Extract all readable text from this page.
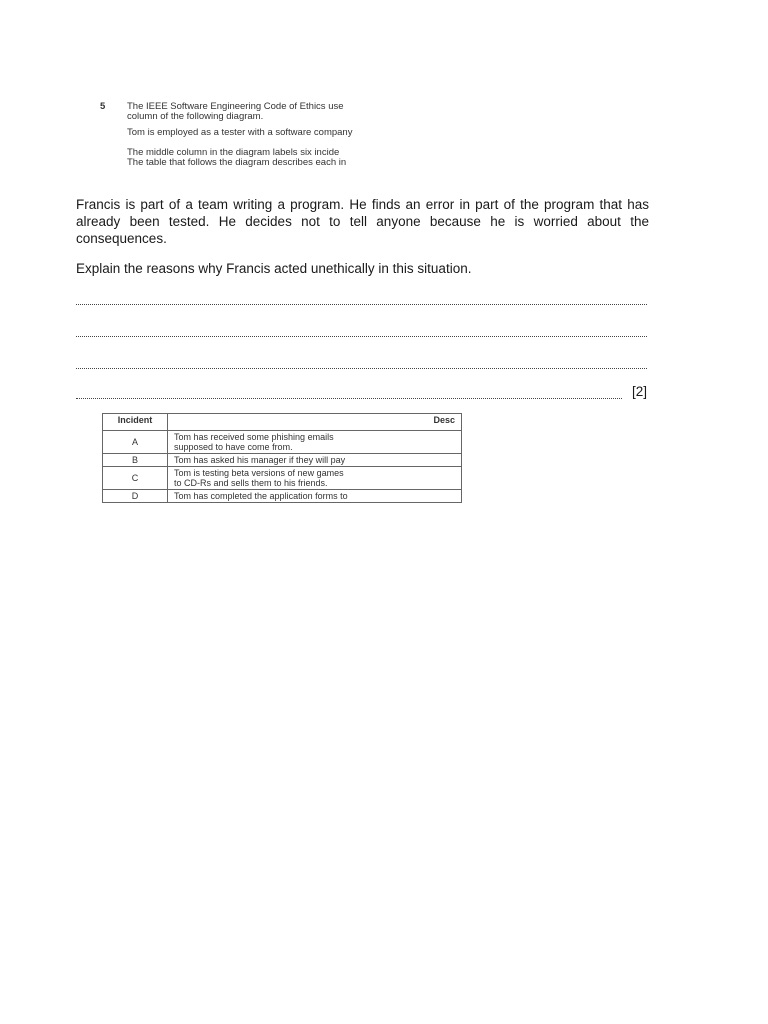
5 The IEEE Software Engineering Code of Ethics use
column of the following diagram.
Tom is employed as a tester with a software company
The middle column in the diagram labels six incide
The table that follows the diagram describes each in
Francis is part of a team writing a program. He finds an error in part of the program that has already been tested. He decides not to tell anyone because he is worried about the consequences.
Explain the reasons why Francis acted unethically in this situation.
[2]
Incident	Desc
A	Tom has received some phishing emails
supposed to have come from.

B	Tom has asked his manager if they will pay

C	Tom is testing beta versions of new games
to CD-Rs and sells them to his friends.

D	Tom has completed the application forms to
